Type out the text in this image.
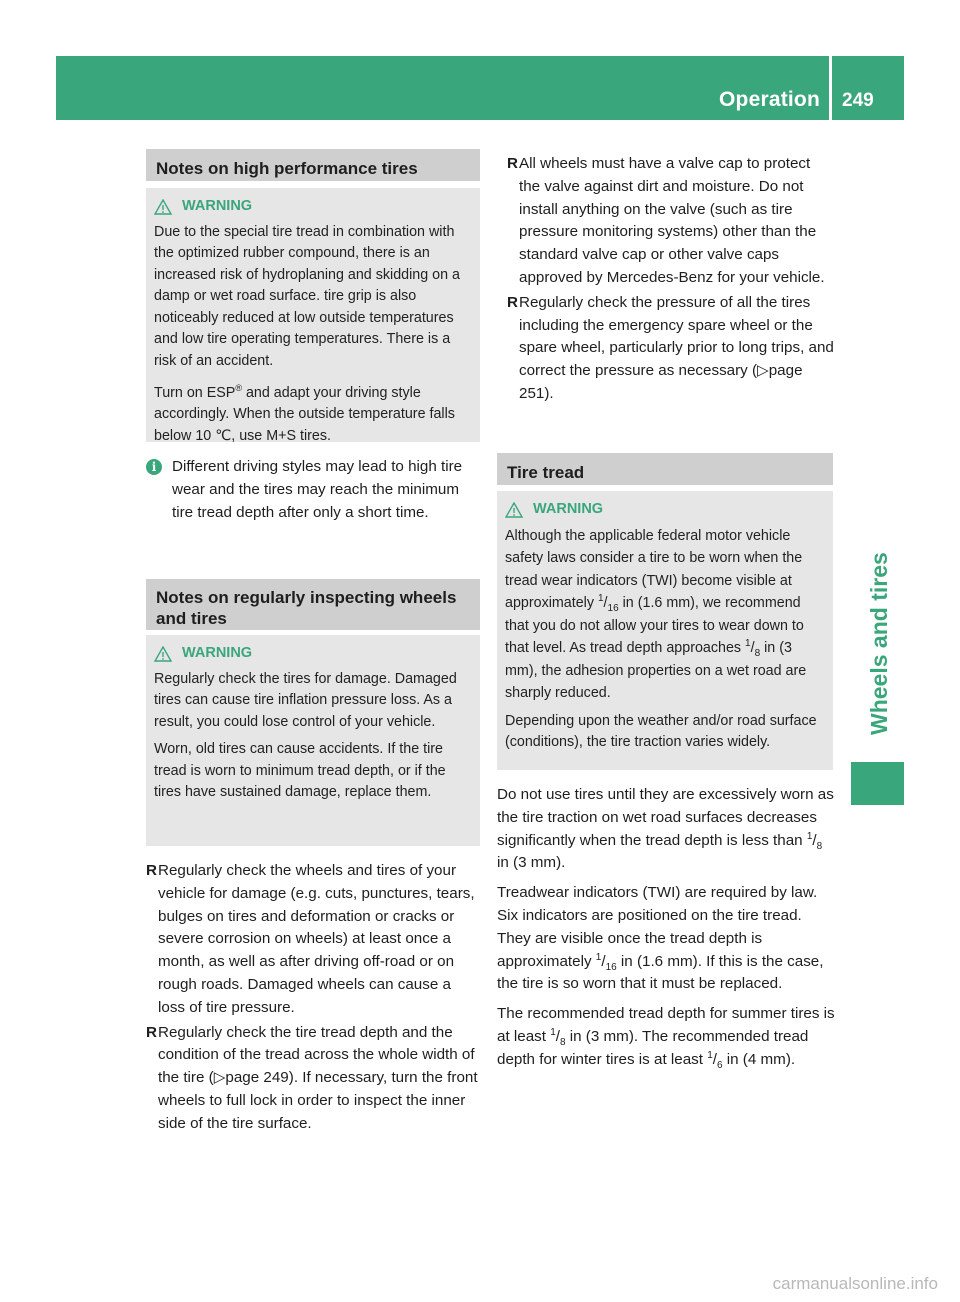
Operation 249
Wheels and tires
Notes on high performance tires
WARNING

Due to the special tire tread in combination with the optimized rubber compound, there is an increased risk of hydroplaning and skidding on a damp or wet road surface. tire grip is also noticeably reduced at low outside temperatures and low tire operating temperatures. There is a risk of an accident.

Turn on ESP® and adapt your driving style accordingly. When the outside temperature falls below 10 ℃, use M+S tires.

i	Different driving styles may lead to high tire wear and the tires may reach the minimum tire tread depth after only a short time.

Notes on regularly inspecting wheels and tires
WARNING

Regularly check the tires for damage. Damaged tires can cause tire inflation pressure loss. As a result, you could lose control of your vehicle.

Worn, old tires can cause accidents. If the tire tread is worn to minimum tread depth, or if the tires have sustained damage, replace them.

R Regularly check the wheels and tires of your vehicle for damage (e.g. cuts, punctures, tears, bulges on tires and deformation or cracks or severe corrosion on wheels) at least once a month, as well as after driving off-road or on rough roads. Damaged wheels can cause a loss of tire pressure.

R Regularly check the tire tread depth and the condition of the tread across the whole width of the tire (▷page 249). If necessary, turn the front wheels to full lock in order to inspect the inner side of the tire surface.

R All wheels must have a valve cap to protect the valve against dirt and moisture. Do not install anything on the valve (such as tire pressure monitoring systems) other than the standard valve cap or other valve caps approved by Mercedes-Benz for your vehicle.

R Regularly check the pressure of all the tires including the emergency spare wheel or the spare wheel, particularly prior to long trips, and correct the pressure as necessary (▷page 251).

Tire tread
WARNING

Although the applicable federal motor vehicle safety laws consider a tire to be worn when the tread wear indicators (TWI) become visible at approximately $^1/_{16}$ in (1.6 mm), we recommend that you do not allow your tires to wear down to that level. As tread depth approaches $^1/_8$ in (3 mm), the adhesion properties on a wet road are sharply reduced.

Depending upon the weather and/or road surface (conditions), the tire traction varies widely.

Do not use tires until they are excessively worn as the tire traction on wet road surfaces decreases significantly when the tread depth is less than $^1/_8$ in (3 mm).

Treadwear indicators (TWI) are required by law. Six indicators are positioned on the tire tread. They are visible once the tread depth is approximately $^1/_{16}$ in (1.6 mm). If this is the case, the tire is so worn that it must be replaced.

The recommended tread depth for summer tires is at least $^1/_8$ in (3 mm). The recommended tread depth for winter tires is at least $^1/_6$ in (4 mm).

carmanualsonline.info
